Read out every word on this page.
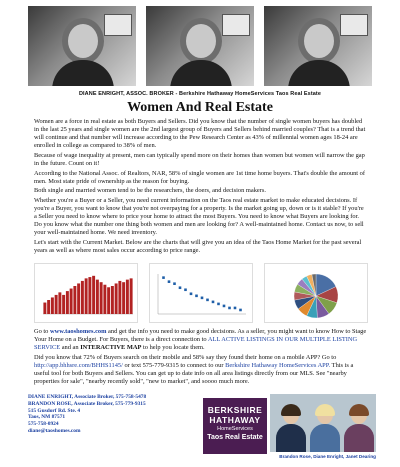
DIANE ENRIGHT, ASSOC. BROKER - Berkshire Hathaway HomeServices Taos Real Estate
Women And Real Estate

Women are a force in real estate as both Buyers and Sellers. Did you know that the number of single women buyers has doubled in the last 25 years and single women are the 2nd largest group of Buyers and Sellers behind married couples? That is a trend that will continue and that number will increase according to the Pew Research Center as 43% of millennial women ages 18-24 are enrolled in college as compared to 38% of men.

Because of wage inequality at present, men can typically spend more on their homes than women but women will narrow the gap in the future. Count on it!

According to the National Assoc. of Realtors, NAR, 58% of single women are 1st time home buyers. That's double the amount of men. Most state pride of ownership as the reason for buying.

Both single and married women tend to be the researchers, the doers, and decision makers.

Whether you're a Buyer or a Seller, you need current information on the Taos real estate market to make educated decisions. If you're a Buyer, you want to know that you're not overpaying for a property. Is the market going up, down or is it stable? If you're a Seller you need to know where to price your home to attract the most Buyers. You need to know what Buyers are looking for. Do you know what the number one thing both women and men are looking for? A well-maintained home. Contact us now, to sell your well-maintained home. We need inventory.

Let's start with the Current Market. Below are the charts that will give you an idea of the Taos Home Market for the past several years as well as where most sales occur according to price range.

Go to www.taoshomes.com and get the info you need to make good decisions. As a seller, you might want to know How to Stage Your Home on a Budget. For Buyers, there is a direct connection to ALL ACTIVE LISTINGS IN OUR MULTIPLE LISTING SERVICE and an INTERACTIVE MAP to help you locate them.

Did you know that 72% of Buyers search on their mobile and 58% say they found their home on a mobile APP? Go to http://app.bhhsre.com/BHHS1145/ or text 575-779-9315 to connect to our Berkshire Hathaway HomeServices APP. This is a useful tool for both Buyers and Sellers. You can get up to date info on all area listings directly from our MLS. See "nearby properties for sale", "nearby recently sold", "new to market", and soooo much more.

DIANE ENRIGHT, Associate Broker, 575-758-5478
BRANDON ROSE, Associate Broker, 575-779-9315
515 Gusdorf Rd. Ste. 4
Taos, NM 87571
575-758-0924
diane@taoshomes.com
BERKSHIRE
HATHAWAY
HomeServices
Taos Real Estate
Brandon Rose, Diane Enright, Janet Dearing
